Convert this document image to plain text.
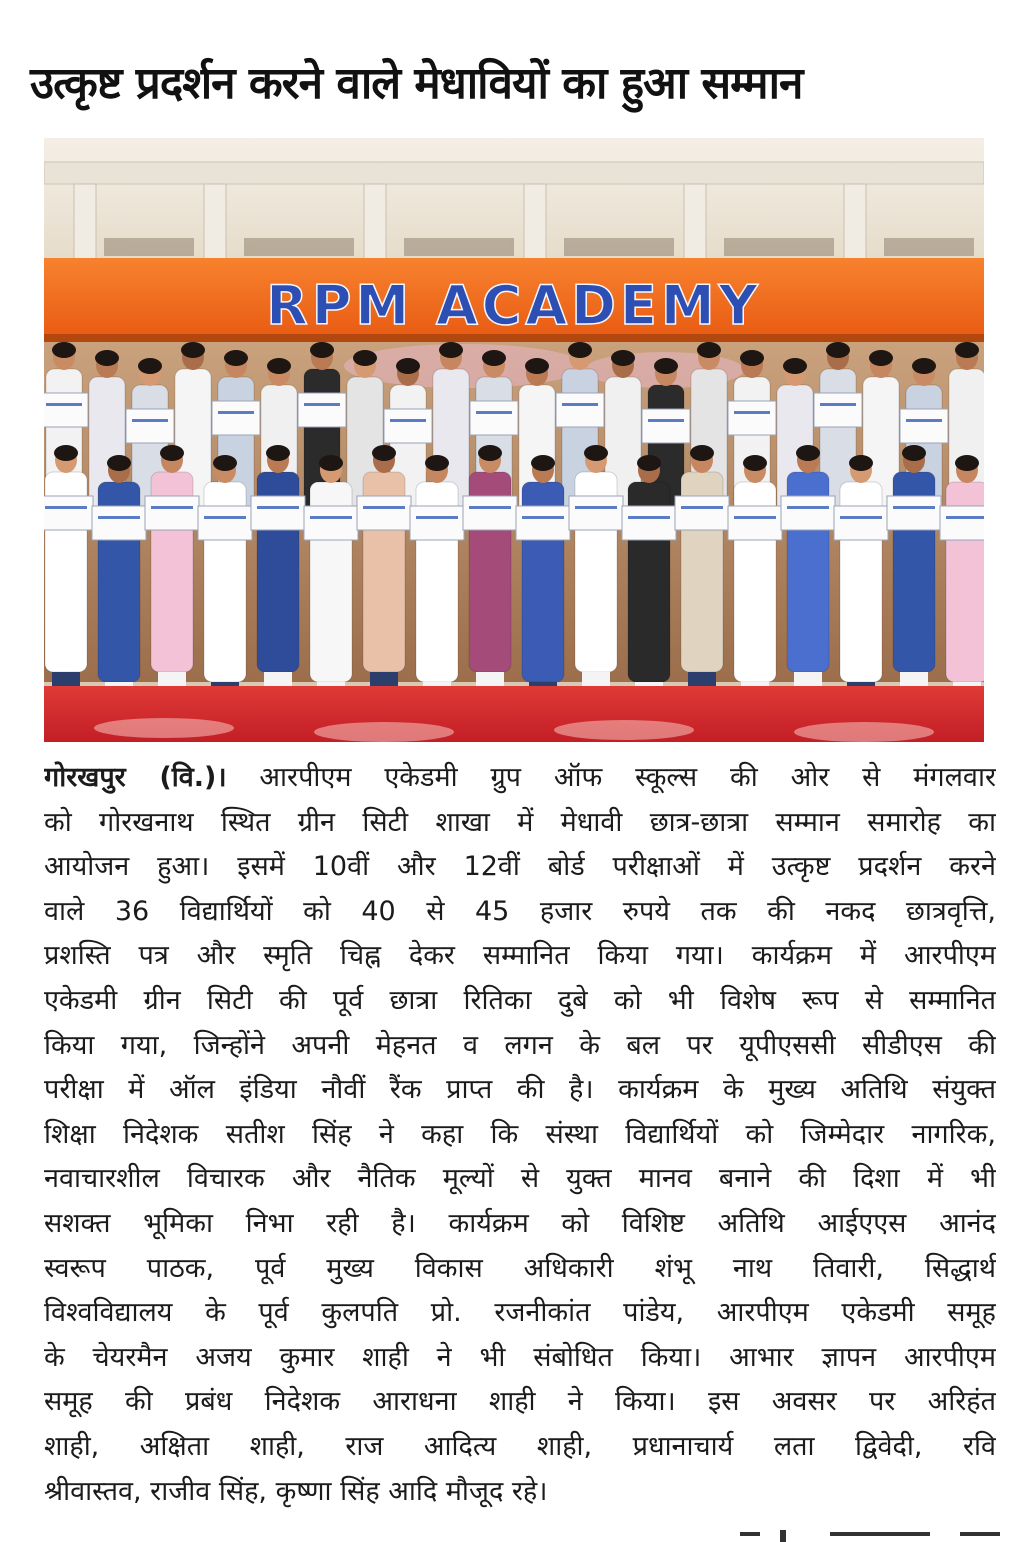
उत्कृष्ट प्रदर्शन करने वाले मेधावियों का हुआ सम्मान
RPM ACADEMY
गोरखपुर (वि.)। आरपीएम एकेडमी ग्रुप ऑफ स्कूल्स की ओर से मंगलवार
को गोरखनाथ स्थित ग्रीन सिटी शाखा में मेधावी छात्र-छात्रा सम्मान समारोह का
आयोजन हुआ। इसमें 10वीं और 12वीं बोर्ड परीक्षाओं में उत्कृष्ट प्रदर्शन करने
वाले 36 विद्यार्थियों को 40 से 45 हजार रुपये तक की नकद छात्रवृत्ति,
प्रशस्ति पत्र और स्मृति चिह्न देकर सम्मानित किया गया। कार्यक्रम में आरपीएम
एकेडमी ग्रीन सिटी की पूर्व छात्रा रितिका दुबे को भी विशेष रूप से सम्मानित
किया गया, जिन्होंने अपनी मेहनत व लगन के बल पर यूपीएससी सीडीएस की
परीक्षा में ऑल इंडिया नौवीं रैंक प्राप्त की है। कार्यक्रम के मुख्य अतिथि संयुक्त
शिक्षा निदेशक सतीश सिंह ने कहा कि संस्था विद्यार्थियों को जिम्मेदार नागरिक,
नवाचारशील विचारक और नैतिक मूल्यों से युक्त मानव बनाने की दिशा में भी
सशक्त भूमिका निभा रही है। कार्यक्रम को विशिष्ट अतिथि आईएएस आनंद
स्वरूप पाठक, पूर्व मुख्य विकास अधिकारी शंभू नाथ तिवारी, सिद्धार्थ
विश्वविद्यालय के पूर्व कुलपति प्रो. रजनीकांत पांडेय, आरपीएम एकेडमी समूह
के चेयरमैन अजय कुमार शाही ने भी संबोधित किया। आभार ज्ञापन आरपीएम
समूह की प्रबंध निदेशक आराधना शाही ने किया। इस अवसर पर अरिहंत
शाही, अक्षिता शाही, राज आदित्य शाही, प्रधानाचार्य लता द्विवेदी, रवि
श्रीवास्तव, राजीव सिंह, कृष्णा सिंह आदि मौजूद रहे।
